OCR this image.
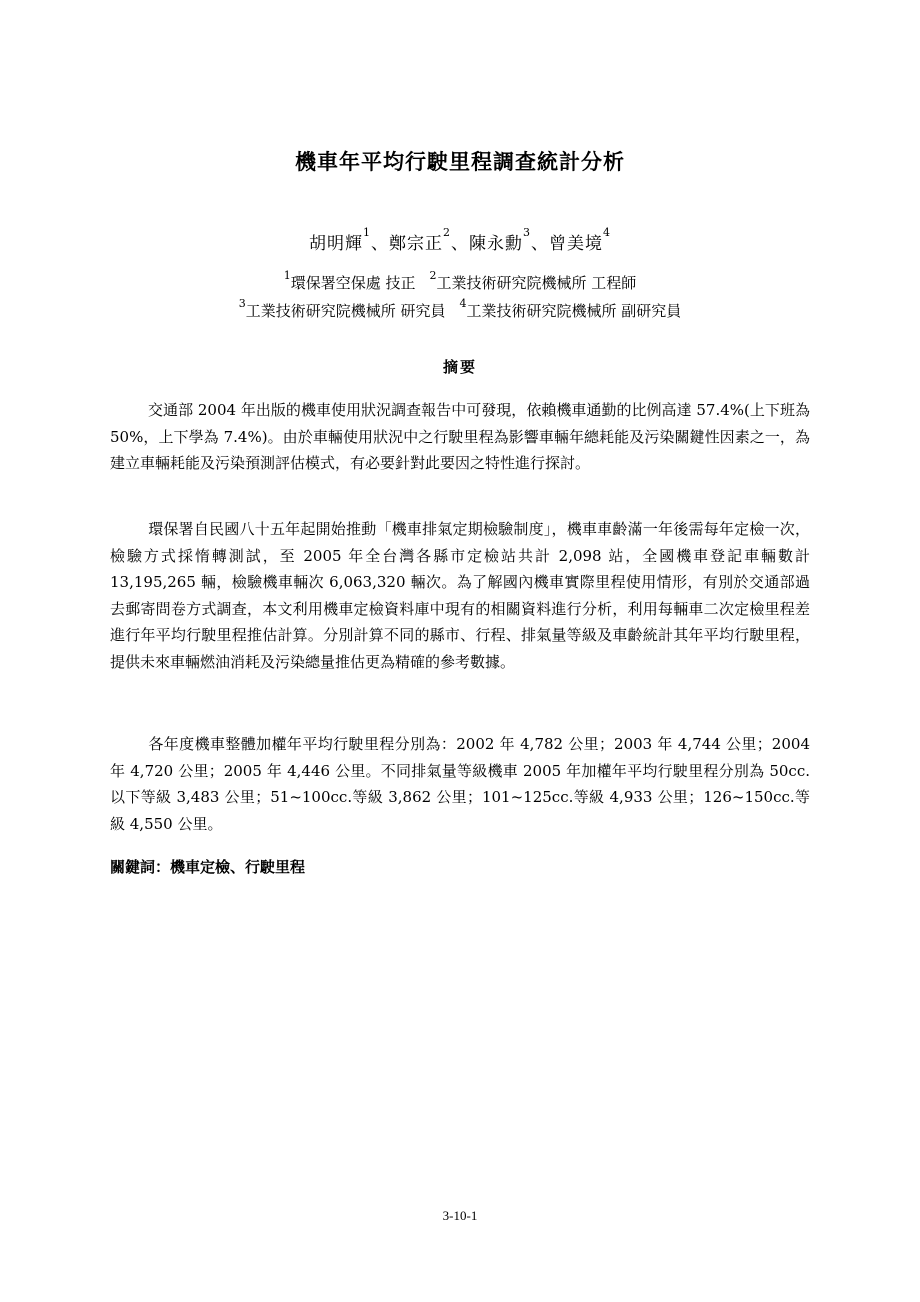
機車年平均行駛里程調查統計分析
胡明輝$^1$、鄭宗正$^2$、陳永勳$^3$、曾美境$^4$
$^1$環保署空保處 技正 $^2$工業技術研究院機械所 工程師
$^3$工業技術研究院機械所 研究員 $^4$工業技術研究院機械所 副研究員
摘要

交通部 2004 年出版的機車使用狀況調查報告中可發現，依賴機車通勤的比例高達 57.4%(上下班為 50%，上下學為 7.4%)。由於車輛使用狀況中之行駛里程為影響車輛年總耗能及污染關鍵性因素之一，為建立車輛耗能及污染預測評估模式，有必要針對此要因之特性進行探討。

環保署自民國八十五年起開始推動「機車排氣定期檢驗制度」，機車車齡滿一年後需每年定檢一次，檢驗方式採惰轉測試，至 2005 年全台灣各縣市定檢站共計 2,098 站，全國機車登記車輛數計 13,195,265 輛，檢驗機車輛次 6,063,320 輛次。為了解國內機車實際里程使用情形，有別於交通部過去郵寄問卷方式調查，本文利用機車定檢資料庫中現有的相關資料進行分析，利用每輛車二次定檢里程差進行年平均行駛里程推估計算。分別計算不同的縣市、行程、排氣量等級及車齡統計其年平均行駛里程，提供未來車輛燃油消耗及污染總量推估更為精確的參考數據。

各年度機車整體加權年平均行駛里程分別為：2002 年 4,782 公里；2003 年 4,744 公里；2004 年 4,720 公里；2005 年 4,446 公里。不同排氣量等級機車 2005 年加權年平均行駛里程分別為 50cc.以下等級 3,483 公里；51~100cc.等級 3,862 公里；101~125cc.等級 4,933 公里；126~150cc.等級 4,550 公里。

關鍵詞：機車定檢、行駛里程
3-10-1
